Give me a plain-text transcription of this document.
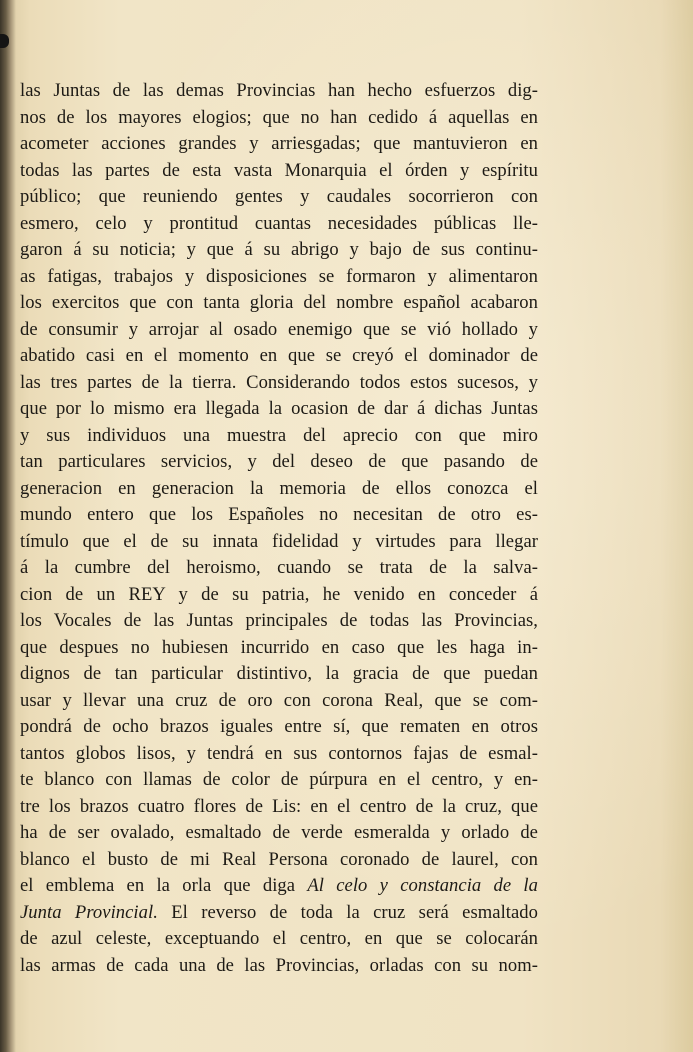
las Juntas de las demas Provincias han hecho esfuerzos dig-
nos de los mayores elogios; que no han cedido á aquellas en
acometer acciones grandes y arriesgadas; que mantuvieron en
todas las partes de esta vasta Monarquia el órden y espíritu
público; que reuniendo gentes y caudales socorrieron con
esmero, celo y prontitud cuantas necesidades públicas lle-
garon á su noticia; y que á su abrigo y bajo de sus continu-
as fatigas, trabajos y disposiciones se formaron y alimentaron
los exercitos que con tanta gloria del nombre español acabaron
de consumir y arrojar al osado enemigo que se vió hollado y
abatido casi en el momento en que se creyó el dominador de
las tres partes de la tierra. Considerando todos estos sucesos, y
que por lo mismo era llegada la ocasion de dar á dichas Juntas
y sus individuos una muestra del aprecio con que miro
tan particulares servicios, y del deseo de que pasando de
generacion en generacion la memoria de ellos conozca el
mundo entero que los Españoles no necesitan de otro es-
tímulo que el de su innata fidelidad y virtudes para llegar
á la cumbre del heroismo, cuando se trata de la salva-
cion de un REY y de su patria, he venido en conceder á
los Vocales de las Juntas principales de todas las Provincias,
que despues no hubiesen incurrido en caso que les haga in-
dignos de tan particular distintivo, la gracia de que puedan
usar y llevar una cruz de oro con corona Real, que se com-
pondrá de ocho brazos iguales entre sí, que rematen en otros
tantos globos lisos, y tendrá en sus contornos fajas de esmal-
te blanco con llamas de color de púrpura en el centro, y en-
tre los brazos cuatro flores de Lis: en el centro de la cruz, que
ha de ser ovalado, esmaltado de verde esmeralda y orlado de
blanco el busto de mi Real Persona coronado de laurel, con
el emblema en la orla que diga Al celo y constancia de la
Junta Provincial. El reverso de toda la cruz será esmaltado
de azul celeste, exceptuando el centro, en que se colocarán
las armas de cada una de las Provincias, orladas con su nom-
